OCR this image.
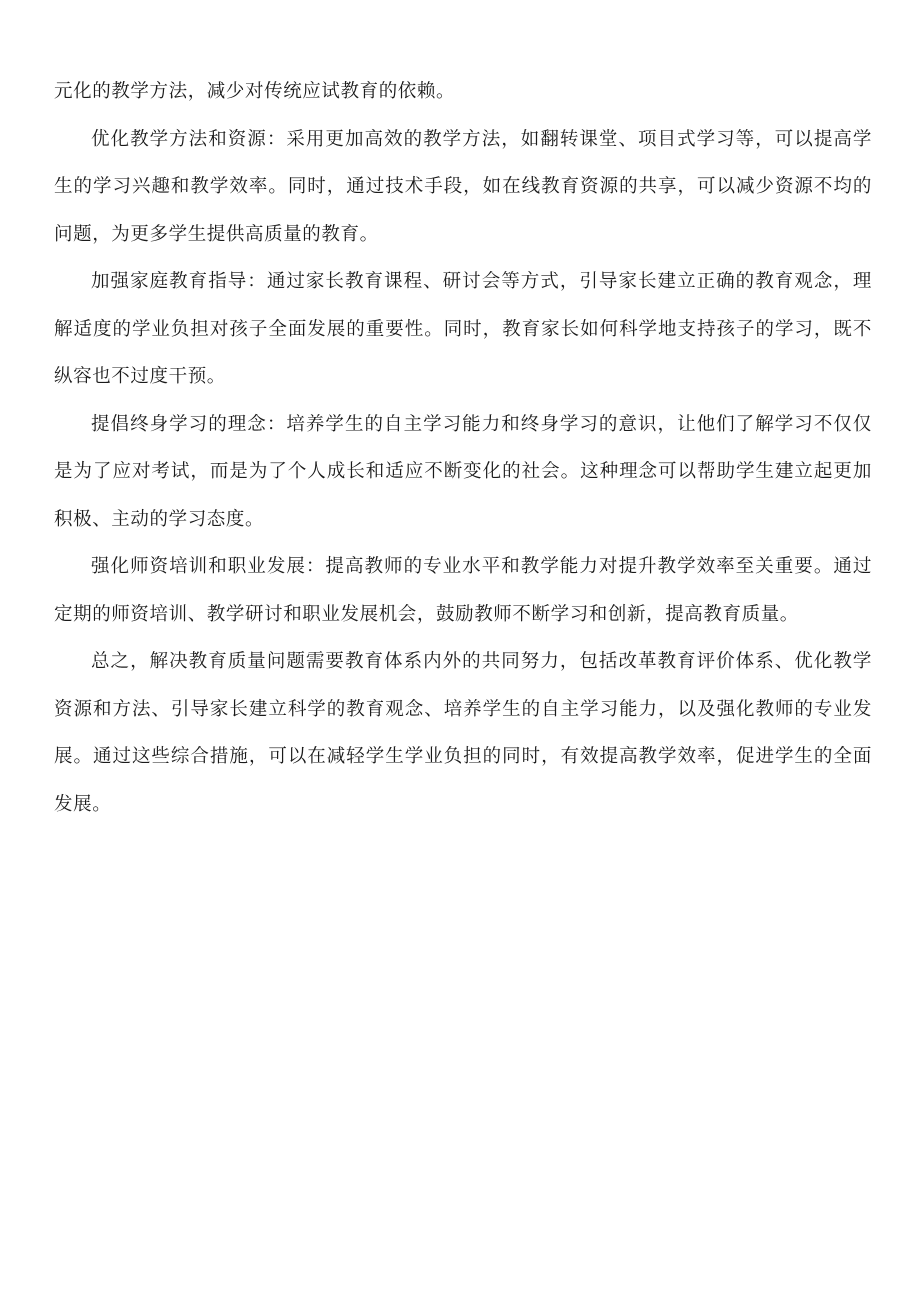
元化的教学方法，减少对传统应试教育的依赖。

优化教学方法和资源：采用更加高效的教学方法，如翻转课堂、项目式学习等，可以提高学生的学习兴趣和教学效率。同时，通过技术手段，如在线教育资源的共享，可以减少资源不均的问题，为更多学生提供高质量的教育。

加强家庭教育指导：通过家长教育课程、研讨会等方式，引导家长建立正确的教育观念，理解适度的学业负担对孩子全面发展的重要性。同时，教育家长如何科学地支持孩子的学习，既不纵容也不过度干预。

提倡终身学习的理念：培养学生的自主学习能力和终身学习的意识，让他们了解学习不仅仅是为了应对考试，而是为了个人成长和适应不断变化的社会。这种理念可以帮助学生建立起更加积极、主动的学习态度。

强化师资培训和职业发展：提高教师的专业水平和教学能力对提升教学效率至关重要。通过定期的师资培训、教学研讨和职业发展机会，鼓励教师不断学习和创新，提高教育质量。

总之，解决教育质量问题需要教育体系内外的共同努力，包括改革教育评价体系、优化教学资源和方法、引导家长建立科学的教育观念、培养学生的自主学习能力，以及强化教师的专业发展。通过这些综合措施，可以在减轻学生学业负担的同时，有效提高教学效率，促进学生的全面发展。
